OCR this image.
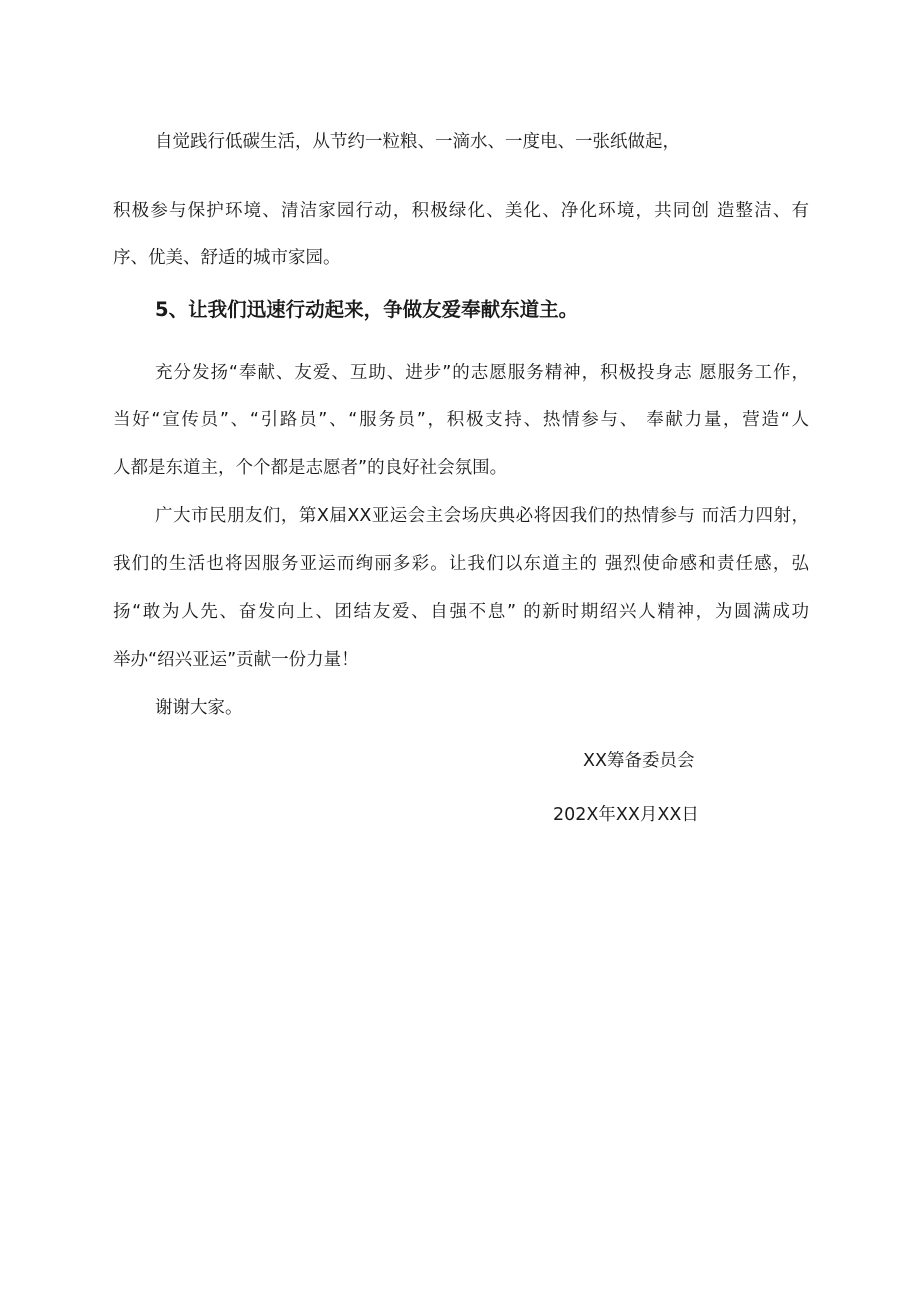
自觉践行低碳生活，从节约一粒粮、一滴水、一度电、一张纸做起，
积极参与保护环境、清洁家园行动，积极绿化、美化、净化环境，共同创 造整洁、有
序、优美、舒适的城市家园。
5、让我们迅速行动起来，争做友爱奉献东道主。
充分发扬“奉献、友爱、互助、进步”的志愿服务精神，积极投身志 愿服务工作，
当好“宣传员”、“引路员”、“服务员”，积极支持、热情参与、 奉献力量，营造“人
人都是东道主，个个都是志愿者”的良好社会氛围。
广大市民朋友们，第X届XX亚运会主会场庆典必将因我们的热情参与 而活力四射，
我们的生活也将因服务亚运而绚丽多彩。让我们以东道主的 强烈使命感和责任感，弘
扬“敢为人先、奋发向上、团结友爱、自强不息” 的新时期绍兴人精神，为圆满成功
举办“绍兴亚运”贡献一份力量！
谢谢大家。
XX筹备委员会
202X年XX月XX日
